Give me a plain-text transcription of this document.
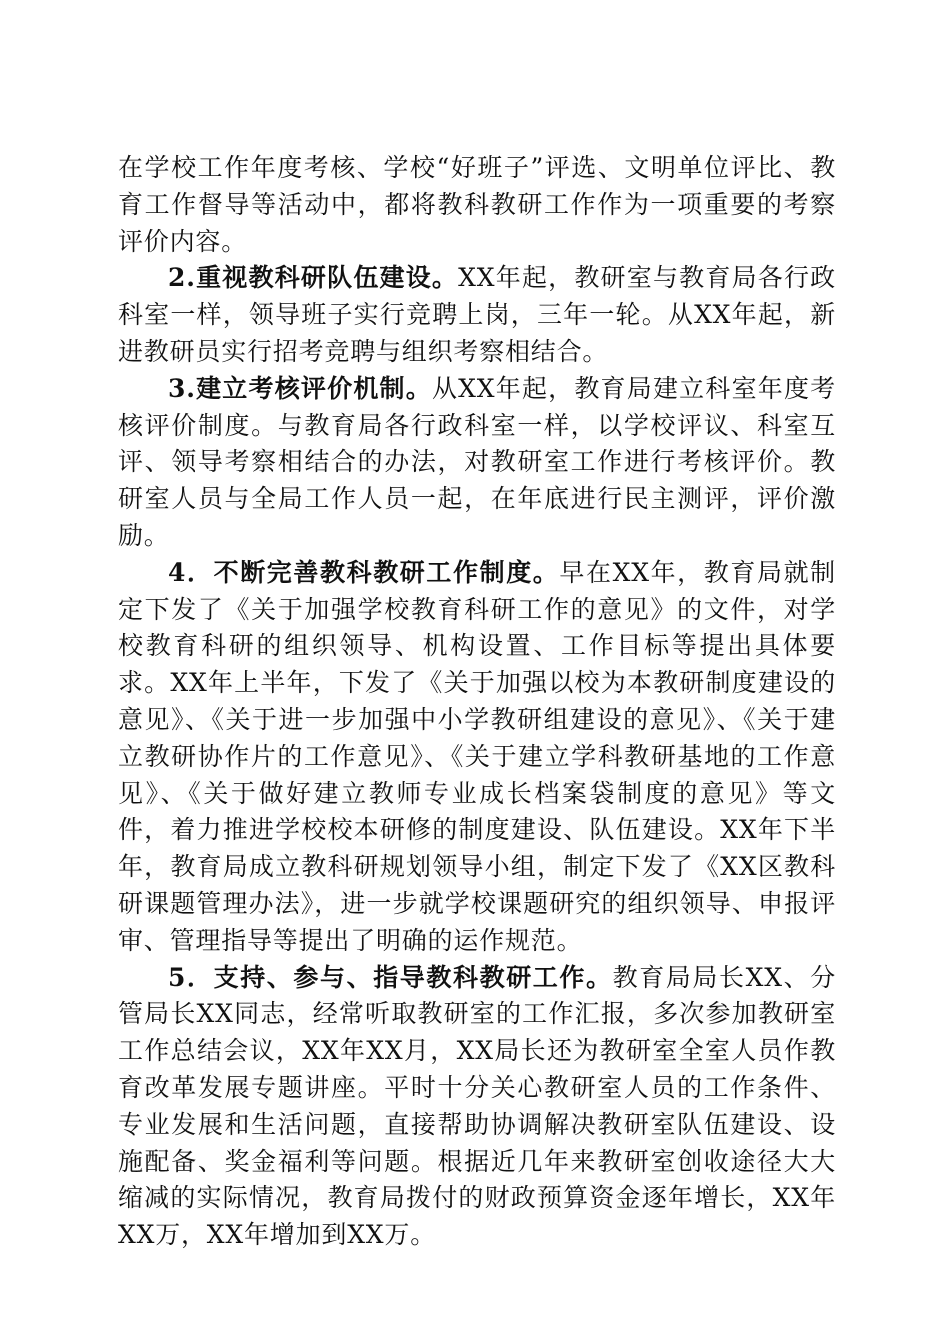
在学校工作年度考核、学校“好班子”评选、文明单位评比、教育工作督导等活动中，都将教科教研工作作为一项重要的考察评价内容。

2.重视教科研队伍建设。XX年起，教研室与教育局各行政科室一样，领导班子实行竞聘上岗，三年一轮。从XX年起，新进教研员实行招考竞聘与组织考察相结合。

3.建立考核评价机制。从XX年起，教育局建立科室年度考核评价制度。与教育局各行政科室一样，以学校评议、科室互评、领导考察相结合的办法，对教研室工作进行考核评价。教研室人员与全局工作人员一起，在年底进行民主测评，评价激励。

4．不断完善教科教研工作制度。早在XX年，教育局就制定下发了《关于加强学校教育科研工作的意见》的文件，对学校教育科研的组织领导、机构设置、工作目标等提出具体要求。XX年上半年，下发了《关于加强以校为本教研制度建设的意见》、《关于进一步加强中小学教研组建设的意见》、《关于建立教研协作片的工作意见》、《关于建立学科教研基地的工作意见》、《关于做好建立教师专业成长档案袋制度的意见》等文件，着力推进学校校本研修的制度建设、队伍建设。XX年下半年，教育局成立教科研规划领导小组，制定下发了《XX区教科研课题管理办法》，进一步就学校课题研究的组织领导、申报评审、管理指导等提出了明确的运作规范。

5．支持、参与、指导教科教研工作。教育局局长XX、分管局长XX同志，经常听取教研室的工作汇报，多次参加教研室工作总结会议，XX年XX月，XX局长还为教研室全室人员作教育改革发展专题讲座。平时十分关心教研室人员的工作条件、专业发展和生活问题，直接帮助协调解决教研室队伍建设、设施配备、奖金福利等问题。根据近几年来教研室创收途径大大缩减的实际情况，教育局拨付的财政预算资金逐年增长，XX年XX万，XX年增加到XX万。
